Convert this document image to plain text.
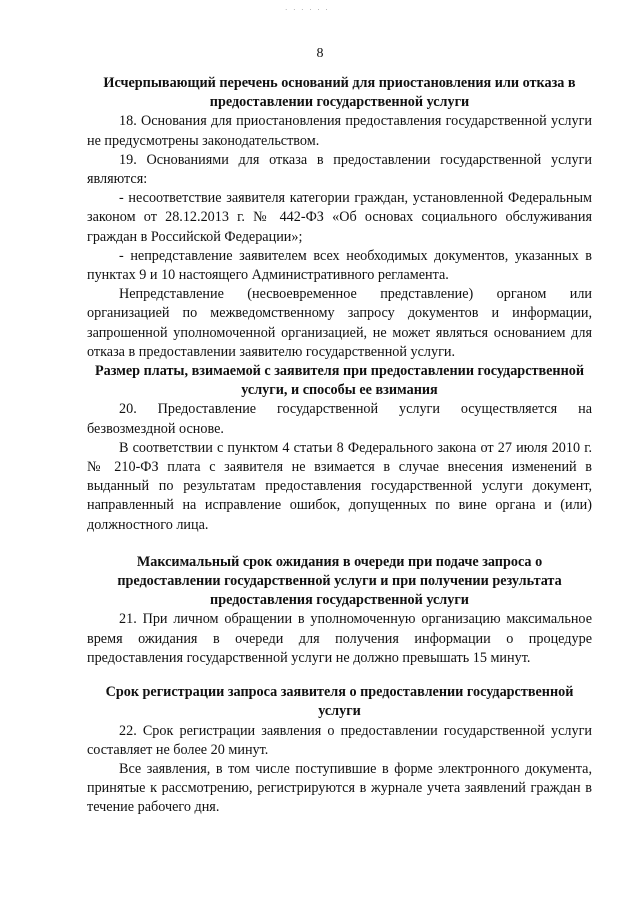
· · · · · ·
8
Исчерпывающий перечень оснований для приостановления или отказа в предоставлении государственной услуги

18. Основания для приостановления предоставления государственной услуги не предусмотрены законодательством.

19. Основаниями для отказа в предоставлении государственной услуги являются:

- несоответствие заявителя категории граждан, установленной Федеральным законом от 28.12.2013 г. № 442-ФЗ «Об основах социального обслуживания граждан в Российской Федерации»;

- непредставление заявителем всех необходимых документов, указанных в пунктах 9 и 10 настоящего Административного регламента.

Непредставление (несвоевременное представление) органом или организацией по межведомственному запросу документов и информации, запрошенной уполномоченной организацией, не может являться основанием для отказа в предоставлении заявителю государственной услуги.

Размер платы, взимаемой с заявителя при предоставлении государственной услуги, и способы ее взимания

20. Предоставление государственной услуги осуществляется на безвозмездной основе.

В соответствии с пунктом 4 статьи 8 Федерального закона от 27 июля 2010 г. № 210-ФЗ плата с заявителя не взимается в случае внесения изменений в выданный по результатам предоставления государственной услуги документ, направленный на исправление ошибок, допущенных по вине органа и (или) должностного лица.

Максимальный срок ожидания в очереди при подаче запроса о предоставлении государственной услуги и при получении результата предоставления государственной услуги

21. При личном обращении в уполномоченную организацию максимальное время ожидания в очереди для получения информации о процедуре предоставления государственной услуги не должно превышать 15 минут.

Срок регистрации запроса заявителя о предоставлении государственной услуги

22. Срок регистрации заявления о предоставлении государственной услуги составляет не более 20 минут.

Все заявления, в том числе поступившие в форме электронного документа, принятые к рассмотрению, регистрируются в журнале учета заявлений граждан в течение рабочего дня.
